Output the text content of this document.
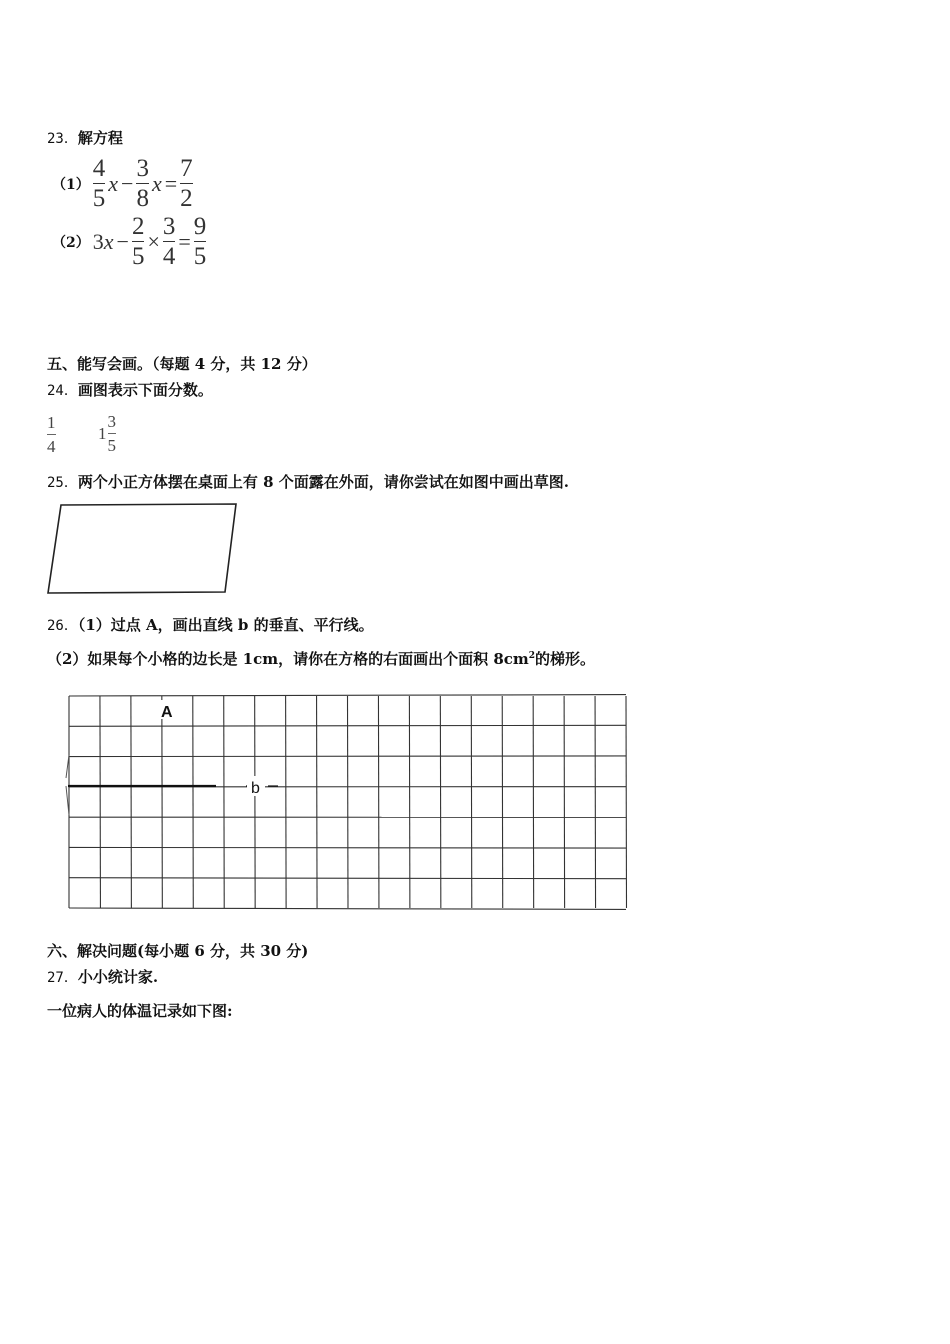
23．解方程
$(1) \frac{4}{5}$ $x - \frac{3}{8}$ $x = \frac{7}{2}$
（2） 3 $x - \frac{2}{5} \times \frac{3}{4} = \frac{9}{5}$
五、能写会画。（每题 4 分，共 12 分）
24．画图表示下面分数。
$\frac{1}{4}$	1
3
5
25．两个小正方体摆在桌面上有 8 个面露在外面，请你尝试在如图中画出草图.
26．（1）过点 A，画出直线 b 的垂直、平行线。
（2）如果每个小格的边长是 1cm，请你在方格的右面画出个面积 $8cm^2$的梯形。
b
A
六、解决问题(每小题 6 分，共 30 分)
27．小小统计家.
一位病人的体温记录如下图:
